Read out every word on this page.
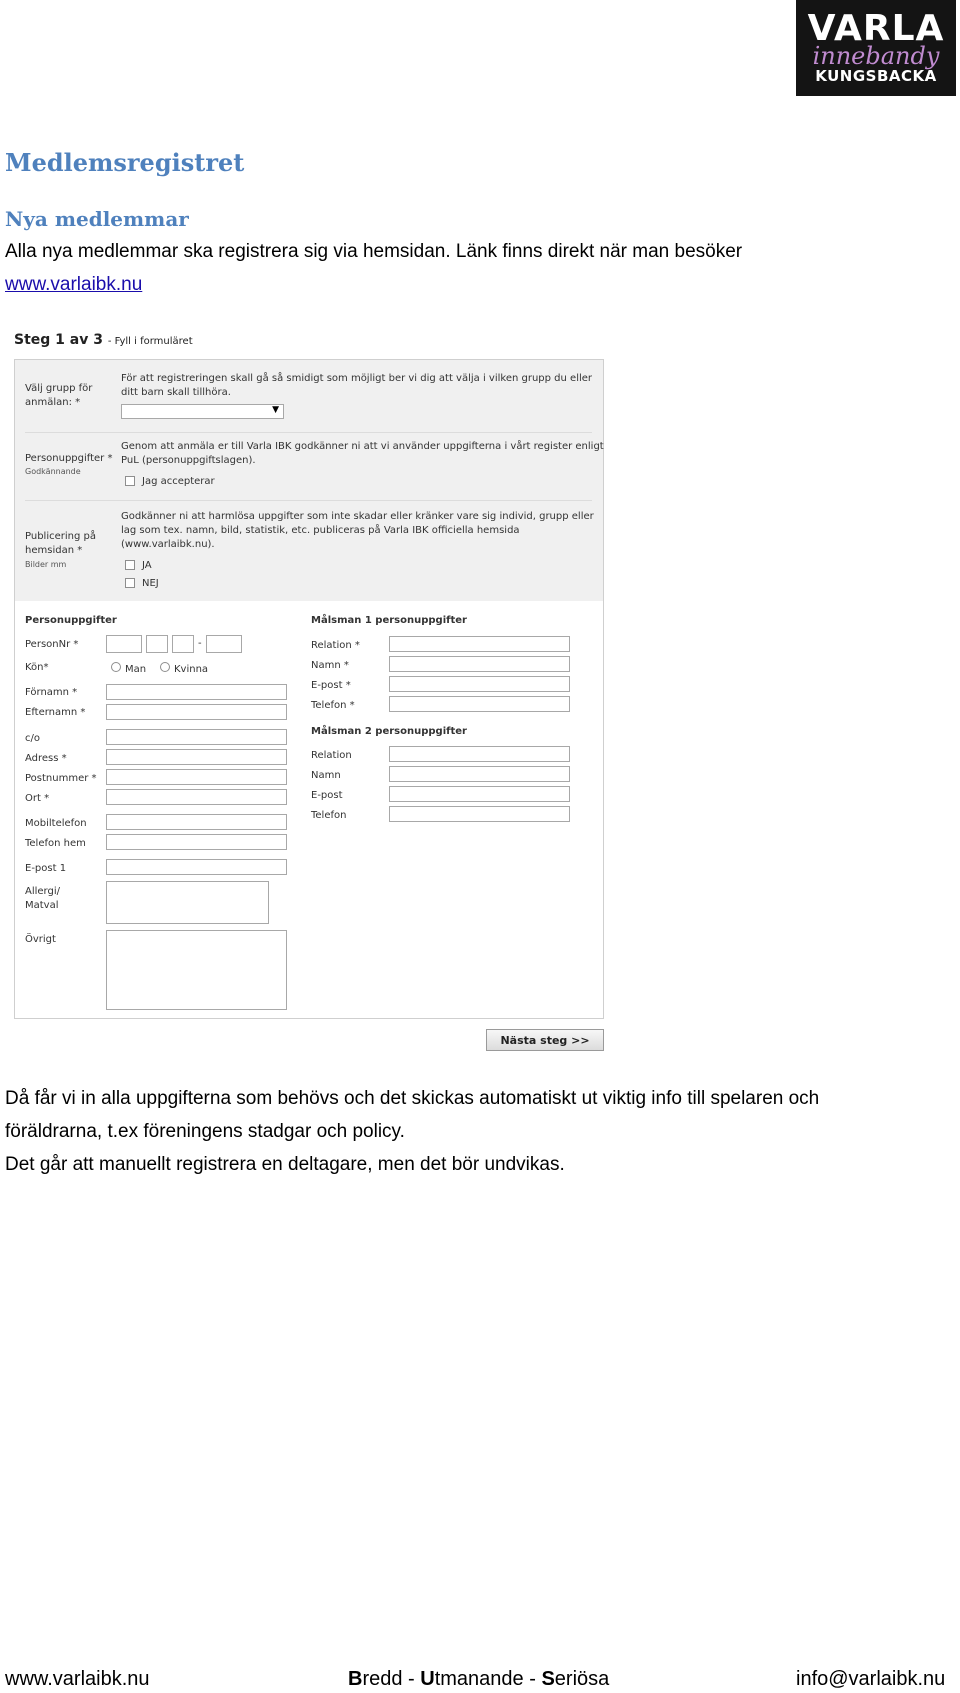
VARLA
innebandy
KUNGSBACKA
Medlemsregistret
Nya medlemmar
Alla nya medlemmar ska registrera sig via hemsidan. Länk finns direkt när man besöker
www.varlaibk.nu
Steg 1 av 3 - Fyll i formuläret
Välj grupp för
anmälan: *
För att registreringen skall gå så smidigt som möjligt ber vi dig att välja i vilken grupp du eller
ditt barn skall tillhöra.
▼
Personuppgifter *
Godkännande
Genom att anmäla er till Varla IBK godkänner ni att vi använder uppgifterna i vårt register enligt
PuL (personuppgiftslagen).
Jag accepterar
Publicering på
hemsidan *
Bilder mm
Godkänner ni att harmlösa uppgifter som inte skadar eller kränker vare sig individ, grupp eller
lag som tex. namn, bild, statistik, etc. publiceras på Varla IBK officiella hemsida
(www.varlaibk.nu).
JA
NEJ
Personuppgifter
PersonNr *	-
Kön*	Man	Kvinna
Förnamn *
Efternamn *
c/o
Adress *
Postnummer *
Ort *
Mobiltelefon
Telefon hem
E-post 1
Allergi/
Matval
Övrigt
Målsman 1 personuppgifter
Relation *
Namn *
E-post *
Telefon *
Målsman 2 personuppgifter
Relation
Namn
E-post
Telefon
Nästa steg >>
Då får vi in alla uppgifterna som behövs och det skickas automatiskt ut viktig info till spelaren och
föräldrarna, t.ex föreningens stadgar och policy.
Det går att manuellt registrera en deltagare, men det bör undvikas.
www.varlaibk.nu	Bredd - Utmanande - Seriösa	info@varlaibk.nu
